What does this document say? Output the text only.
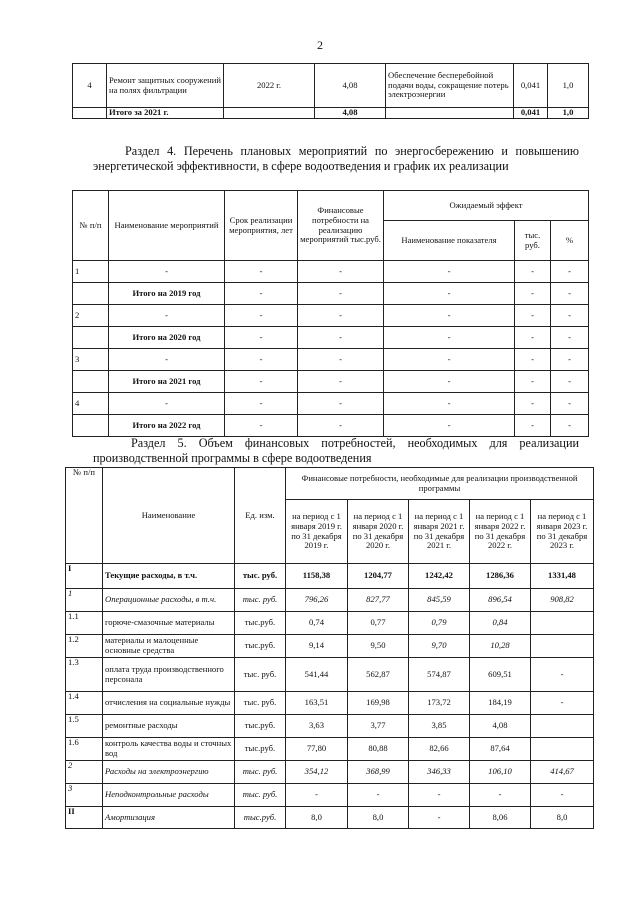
2
4	Ремонт защитных сооружений на полях фильтрации	2022 г.	4,08	Обеспечение бесперебойной подачи воды, сокращение потерь электроэнергии	0,041	1,0
	Итого за 2021 г.		4,08		0,041	1,0
Раздел 4. Перечень плановых мероприятий по энергосбережению и повышению энергетической эффективности, в сфере водоотведения и график их реализации
№ п/п	Наименование мероприятий	Срок реализации мероприятия, лет	Финансовые потребности на реализацию мероприятий тыс.руб.	Ожидаемый эффект		
				Наименование показателя	тыс. руб.	%
1	-	-	-	-	-	-
	Итого на 2019 год	-	-	-	-	-
2	-	-	-	-	-	-
	Итого на 2020 год	-	-	-	-	-
3	-	-	-	-	-	-
	Итого на 2021 год	-	-	-	-	-
4	-	-	-	-	-	-
	Итого на 2022 год	-	-	-	-	-
Раздел 5. Объем финансовых потребностей, необходимых для реализации производственной программы в сфере водоотведения
№ п/п	Наименование	Ед. изм.	Финансовые потребности, необходимые для реализации производственной программы				
			на период с 1 января 2019 г. по 31 декабря 2019 г.	на период с 1 января 2020 г. по 31 декабря 2020 г.	на период с 1 января 2021 г. по 31 декабря 2021 г.	на период с 1 января 2022 г. по 31 декабря 2022 г.	на период с 1 января 2023 г. по 31 декабря 2023 г.
I	Текущие расходы, в т.ч.	тыс. руб.	1158,38	1204,77	1242,42	1286,36	1331,48
1	Операционные расходы, в т.ч.	тыс. руб.	796,26	827,77	845,59	896,54	908,82
1.1	горюче-смазочные материалы	тыс.руб.	0,74	0,77	0,79	0,84	
1.2	материалы и малоценные основные средства	тыс.руб.	9,14	9,50	9,70	10,28	
1.3	оплата труда производственного персонала	тыс. руб.	541,44	562,87	574,87	609,51	-
1.4	отчисления на социальные нужды	тыс. руб.	163,51	169,98	173,72	184,19	-
1.5	ремонтные расходы	тыс.руб.	3,63	3,77	3,85	4,08	
1.6	контроль качества воды и сточных вод	тыс.руб.	77,80	80,88	82,66	87,64	
2	Расходы на электроэнергию	тыс. руб.	354,12	368,99	346,33	106,10	414,67
3	Неподконтрольные расходы	тыс. руб.	-	-	-	-	-
II	Амортизация	тыс.руб.	8,0	8,0	-	8,06	8,0
